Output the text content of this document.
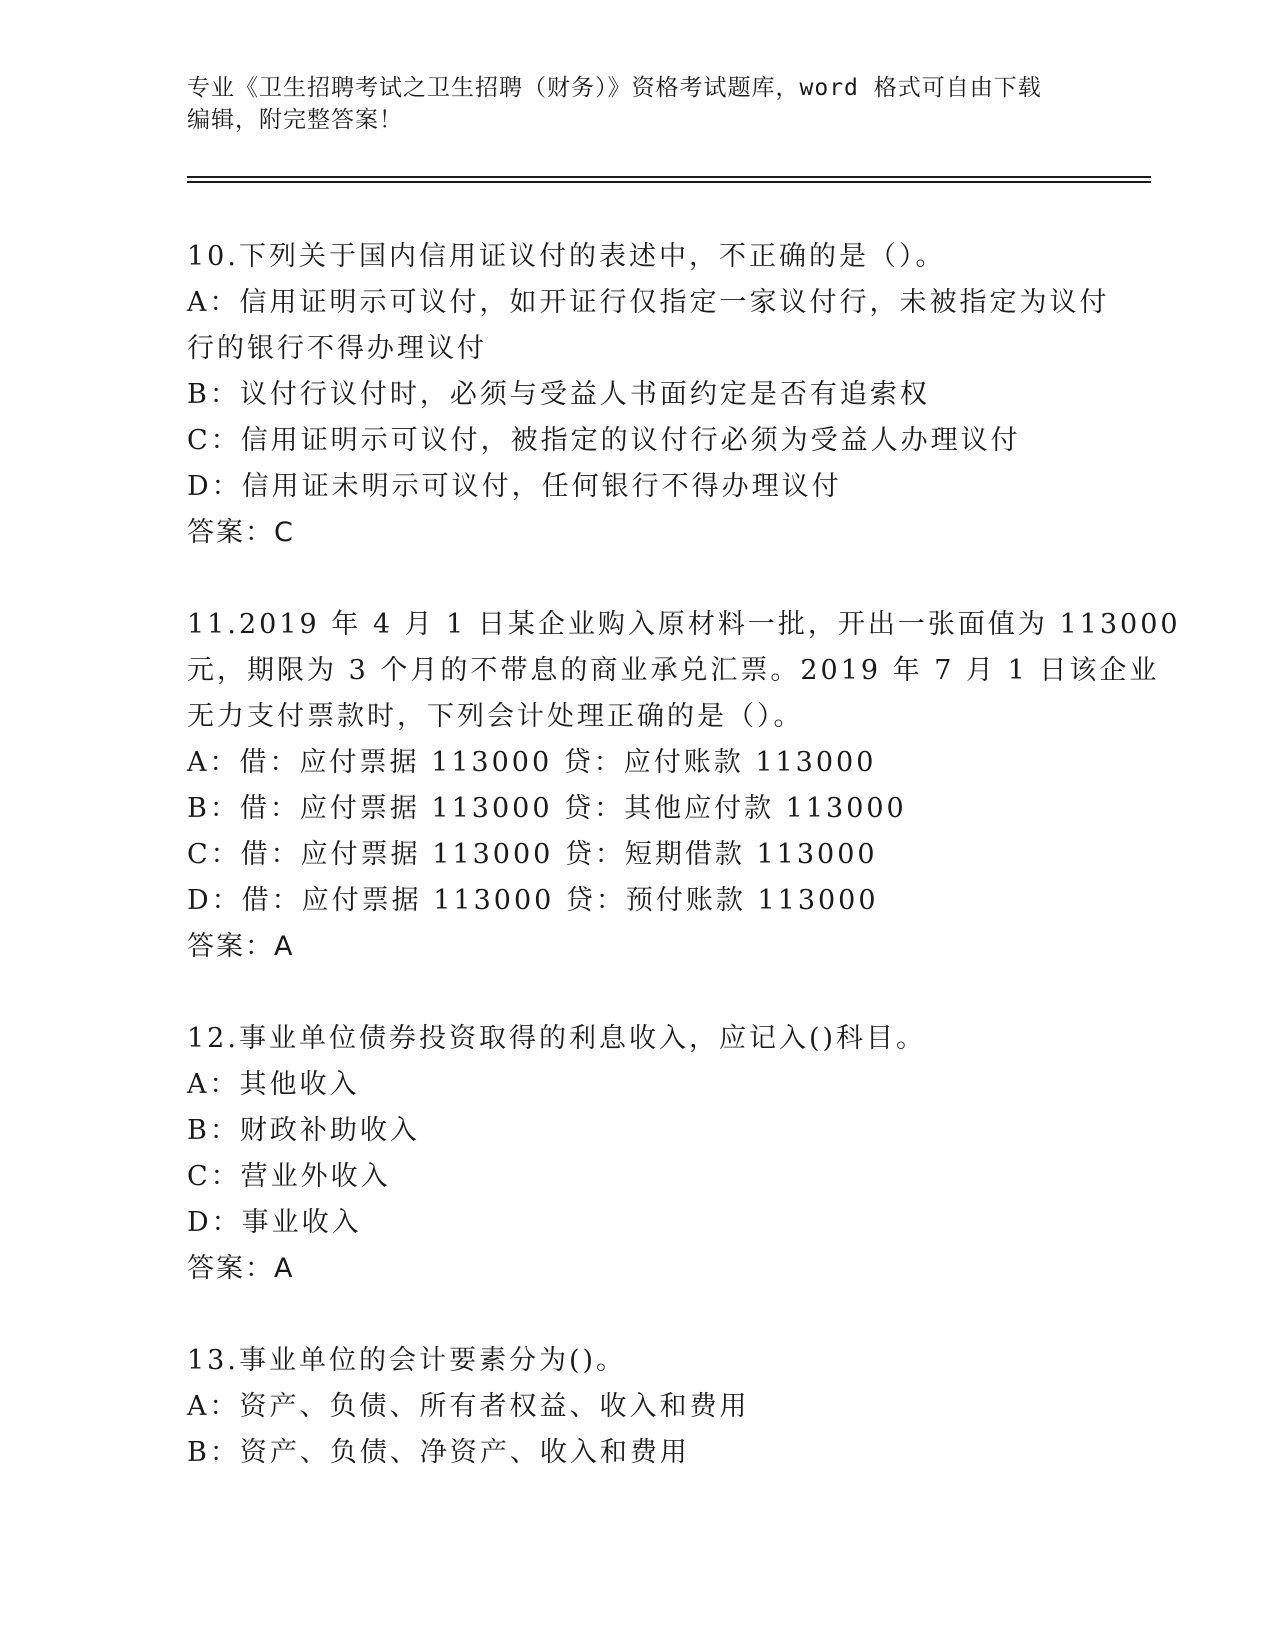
专业《卫生招聘考试之卫生招聘（财务）》资格考试题库，word 格式可自由下载
编辑，附完整答案！
10.下列关于国内信用证议付的表述中，不正确的是（）。
A：信用证明示可议付，如开证行仅指定一家议付行，未被指定为议付
行的银行不得办理议付
B：议付行议付时，必须与受益人书面约定是否有追索权
C：信用证明示可议付，被指定的议付行必须为受益人办理议付
D：信用证未明示可议付，任何银行不得办理议付
答案：C
11.2019 年 4 月 1 日某企业购入原材料一批，开出一张面值为 113000
元，期限为 3 个月的不带息的商业承兑汇票。2019 年 7 月 1 日该企业
无力支付票款时，下列会计处理正确的是（）。
A：借：应付票据 113000 贷：应付账款 113000
B：借：应付票据 113000 贷：其他应付款 113000
C：借：应付票据 113000 贷：短期借款 113000
D：借：应付票据 113000 贷：预付账款 113000
答案：A
12.事业单位债券投资取得的利息收入，应记入()科目。
A：其他收入
B：财政补助收入
C：营业外收入
D：事业收入
答案：A
13.事业单位的会计要素分为()。
A：资产、负债、所有者权益、收入和费用
B：资产、负债、净资产、收入和费用
